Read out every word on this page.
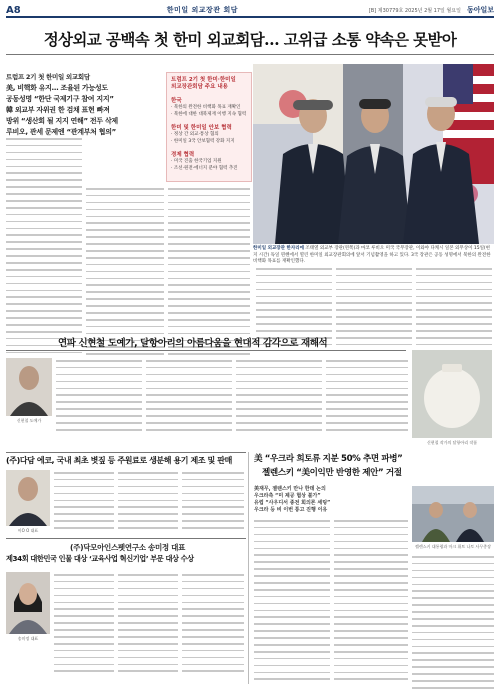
A8	한미일 외교장관 회담	[B] 제30779호 2025년 2월 17일 월요일 동아일보
정상외교 공백속 첫 한미 외교회담… 고위급 소통 약속은 못받아
트럼프 2기 첫 한미일 외교회담
美, 비핵화 유지… 조율된 가능성도
공동성명 “한단 국제기구 참여 지지”
韓 외교부 자위권 한 검채 표현 빠져
방위 “생산회 될 지지 연해” 전두 삭제
루비오, 관세 문제엔 “관계부처 협의”
트럼프 2기 첫 한미·한미일
외교장관회담 주요 내용
한국
· 북한의 완전한 비핵화 목표 재확인
· 북한에 대한 대북제재 이행 지속 협력
한미 및 한미일 안보 협력
· 정상 간 외교·통상 협의
· 한미일 3국 안보협력 강화 지지
경제 협력
· 미국 진출 한국기업 지원
· 조선·원전·에너지 분야 협력 추진
한미일 외교장관 한자리에 조태열 외교부 장관(왼쪽)과 마코 루비오 미국 국무장관, 이와야 다케시 일본 외무상이 15일(현지 시간) 독일 뮌헨에서 열린 한미일 외교장관회의에 앞서 기념촬영을 하고 있다. 3국 장관은 공동 성명에서 북한의 완전한 비핵화 목표를 재확인했다.
연파 신현철 도예가, 달항아리의 아름다움을 현대적 감각으로 재해석
신현철 도예가
신현철 작가의 달항아리 작품
(주)다담 에코, 국내 최초 볏짚 등 주원료로 생분해 용기 제조 및 판매
이O O 대표
(주)닥모아인스펫연구소 송미정 대표
제34회 대한민국 인물 대상 ‘교육사업 혁신기업’ 부문 대상 수상
송미정 대표
美 “우크라 희토류 지분 50% 추면 파병”
젤렌스키 “美이익만 반영한 제안” 거절
美재무, 젤렌스키 만나 한데 논의
우크라측 “미 제공 협상 불가”
유럽 “사우디서 종전 회의론 세팅”
우크라 등 비 이번 통고 진행 이유
젤렌스키 대통령과 마크 뤼트 나토 사무총장
